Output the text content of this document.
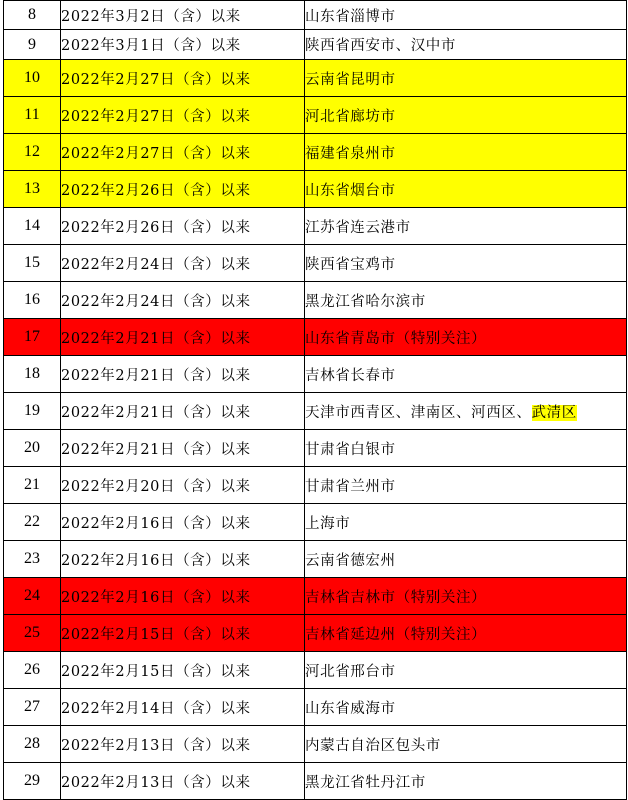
8	2022年3月2日（含）以来	山东省淄博市
9	2022年3月1日（含）以来	陕西省西安市、汉中市
10	2022年2月27日（含）以来	云南省昆明市
11	2022年2月27日（含）以来	河北省廊坊市
12	2022年2月27日（含）以来	福建省泉州市
13	2022年2月26日（含）以来	山东省烟台市
14	2022年2月26日（含）以来	江苏省连云港市
15	2022年2月24日（含）以来	陕西省宝鸡市
16	2022年2月24日（含）以来	黑龙江省哈尔滨市
17	2022年2月21日（含）以来	山东省青岛市（特别关注）
18	2022年2月21日（含）以来	吉林省长春市
19	2022年2月21日（含）以来	天津市西青区、津南区、河西区、武清区
20	2022年2月21日（含）以来	甘肃省白银市
21	2022年2月20日（含）以来	甘肃省兰州市
22	2022年2月16日（含）以来	上海市
23	2022年2月16日（含）以来	云南省德宏州
24	2022年2月16日（含）以来	吉林省吉林市（特别关注）
25	2022年2月15日（含）以来	吉林省延边州（特别关注）
26	2022年2月15日（含）以来	河北省邢台市
27	2022年2月14日（含）以来	山东省威海市
28	2022年2月13日（含）以来	内蒙古自治区包头市
29	2022年2月13日（含）以来	黑龙江省牡丹江市
